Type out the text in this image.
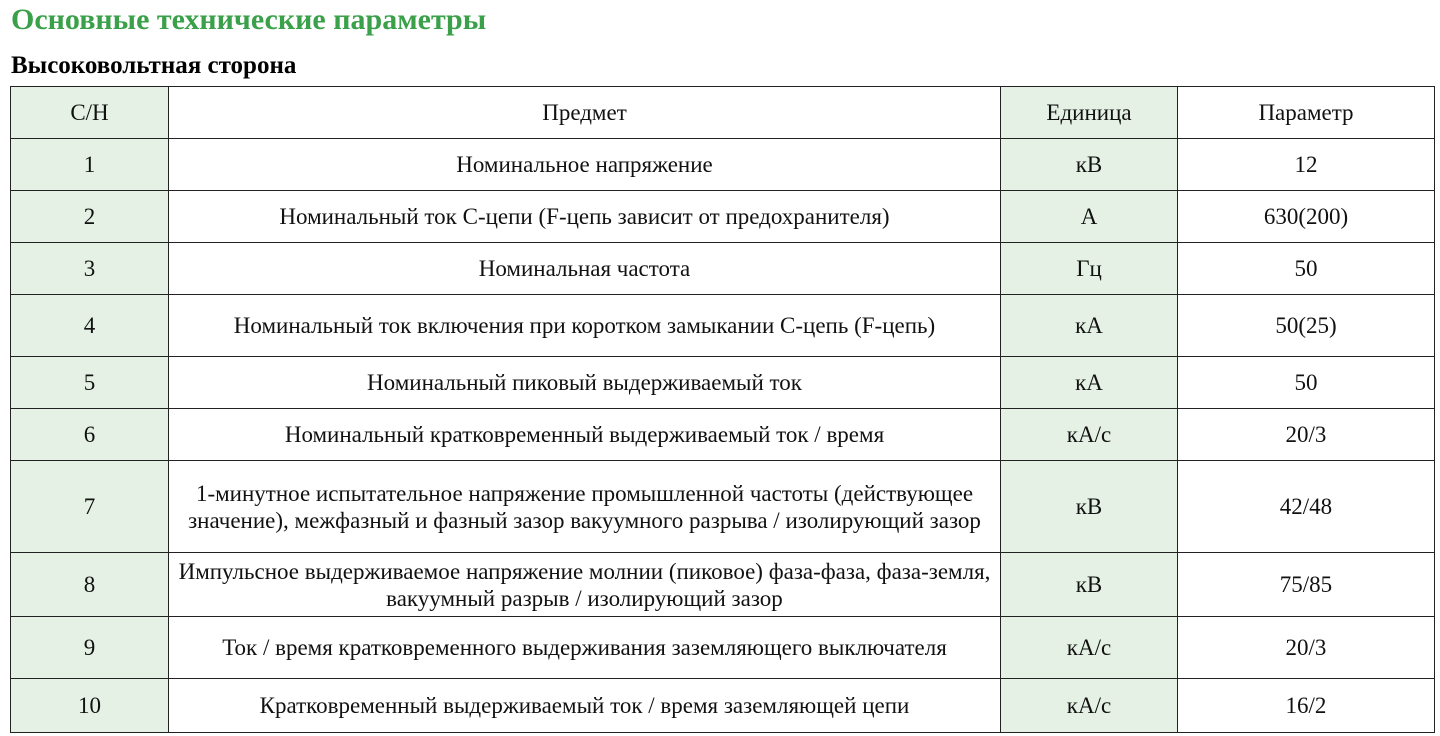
Основные технические параметры
Высоковольтная сторона
С/Н	Предмет	Единица	Параметр
1	Номинальное напряжение	кВ	12
2	Номинальный ток С-цепи (F-цепь зависит от предохранителя)	А	630(200)
3	Номинальная частота	Гц	50
4	Номинальный ток включения при коротком замыкании С-цепь (F-цепь)	кА	50(25)
5	Номинальный пиковый выдерживаемый ток	кА	50
6	Номинальный кратковременный выдерживаемый ток / время	кА/с	20/3
7	1-минутное испытательное напряжение промышленной частоты (действующее значение), межфазный и фазный зазор вакуумного разрыва / изолирующий зазор	кВ	42/48
8	Импульсное выдерживаемое напряжение молнии (пиковое) фаза-фаза, фаза-земля, вакуумный разрыв / изолирующий зазор	кВ	75/85
9	Ток / время кратковременного выдерживания заземляющего выключателя	кА/с	20/3
10	Кратковременный выдерживаемый ток / время заземляющей цепи	кА/с	16/2
